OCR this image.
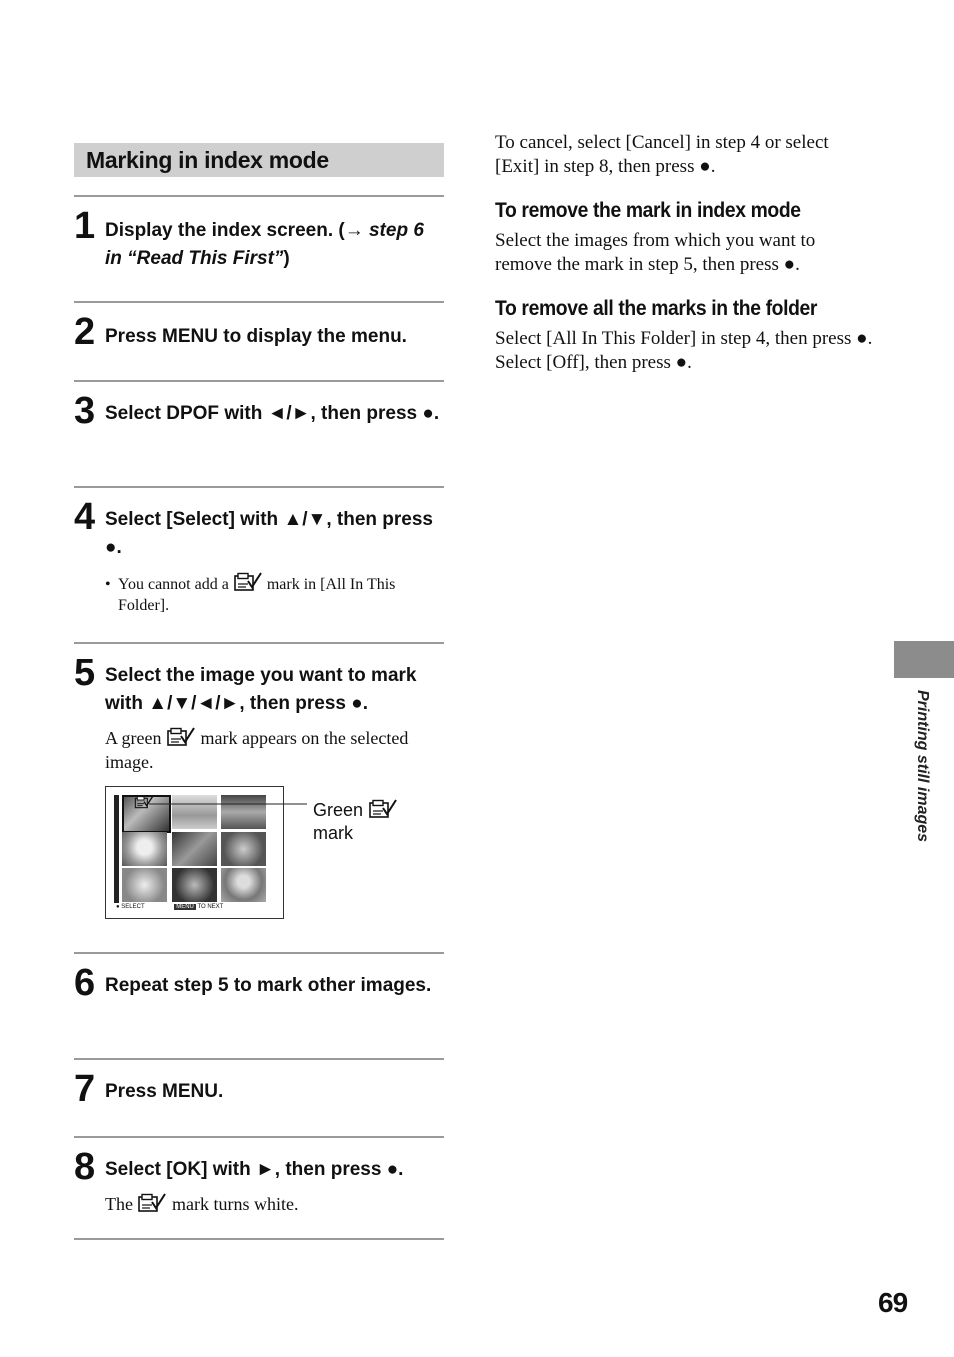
Marking in index mode
1 Display the index screen. (→ step 6 in “Read This First”)
2 Press MENU to display the menu.
3 Select DPOF with ◄/►, then press ●.
4 Select [Select] with ▲/▼, then press ●.
•  You cannot add a mark in [All In This Folder].
5 Select the image you want to mark with ▲/▼/◄/►, then press ●.
A green mark appears on the selected image.
● SELECT	MENU TO NEXT
Green
mark
6 Repeat step 5 to mark other images.
7 Press MENU.
8 Select [OK] with ►, then press ●.
The mark turns white.
To cancel, select [Cancel] in step 4 or select [Exit] in step 8, then press ●.
To remove the mark in index mode
Select the images from which you want to remove the mark in step 5, then press ●.
To remove all the marks in the folder
Select [All In This Folder] in step 4, then press ●. Select [Off], then press ●.
Printing still images
69
